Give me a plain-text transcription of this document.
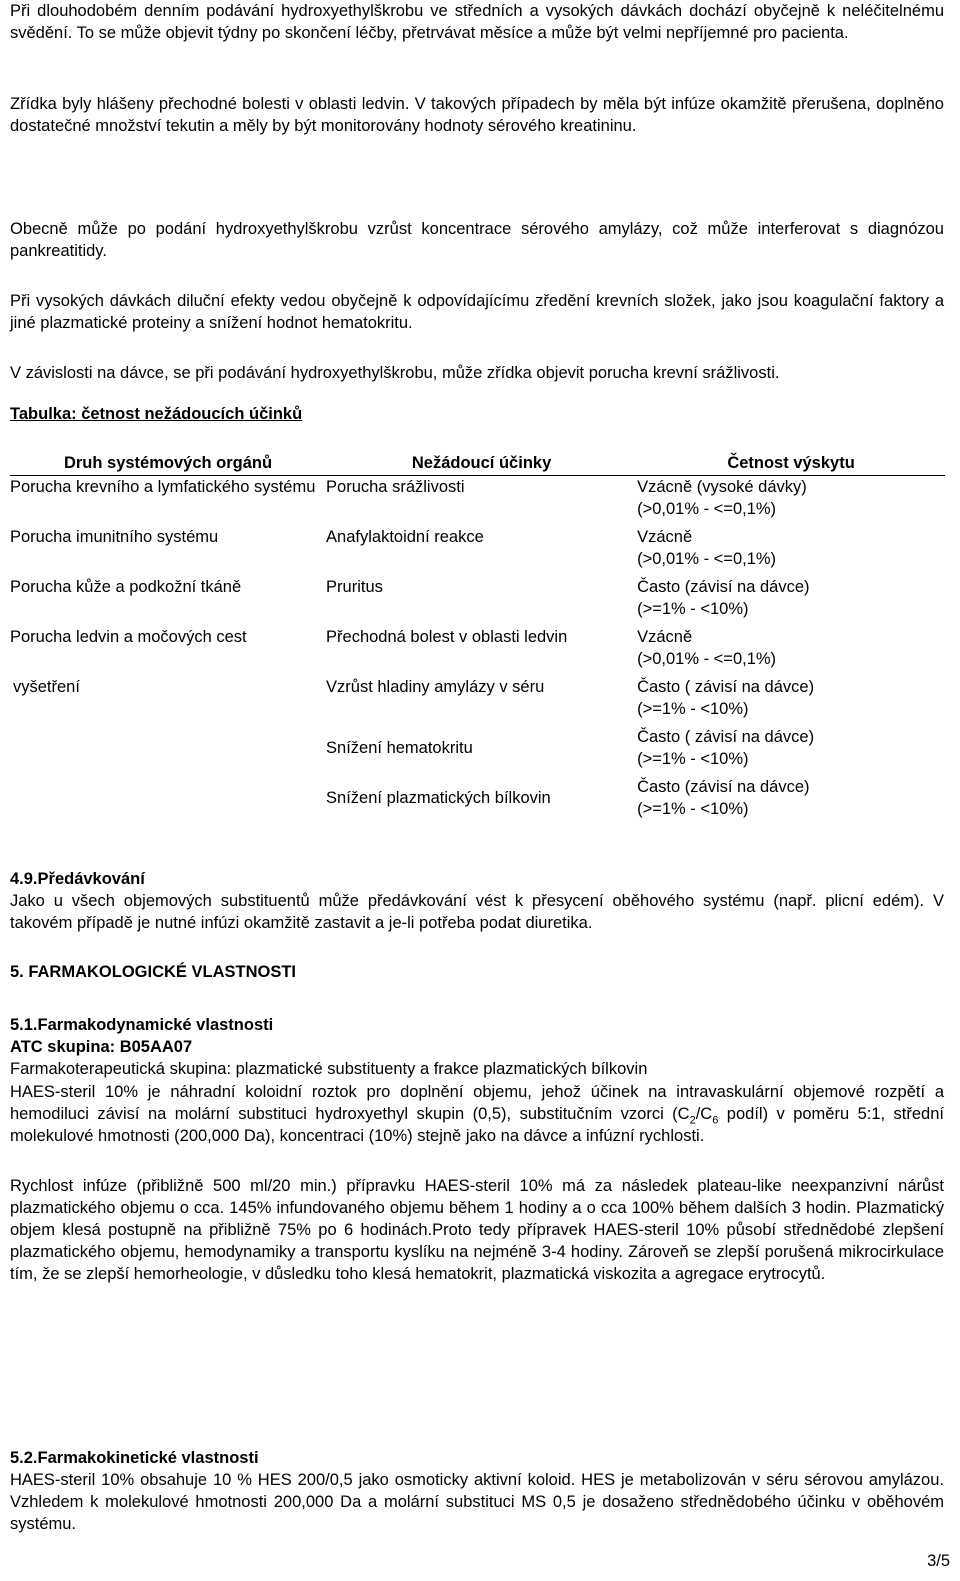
Při dlouhodobém denním podávání hydroxyethylškrobu ve středních a vysokých dávkách dochází obyčejně k neléčitelnému svědění. To se může objevit týdny po skončení léčby, přetrvávat měsíce a může být velmi nepříjemné pro pacienta.

Zřídka byly hlášeny přechodné bolesti v oblasti ledvin. V takových případech by měla být infúze okamžitě přerušena, doplněno dostatečné množství tekutin a měly by být monitorovány hodnoty sérového kreatininu.

Obecně může po podání hydroxyethylškrobu vzrůst koncentrace sérového amylázy, což může interferovat s diagnózou pankreatitidy.

Při vysokých dávkách diluční efekty vedou obyčejně k odpovídajícímu zředění krevních složek, jako jsou koagulační faktory a jiné plazmatické proteiny a snížení hodnot hematokritu.

V závislosti na dávce, se při podávání hydroxyethylškrobu, může zřídka objevit porucha krevní srážlivosti.

Tabulka: četnost nežádoucích účinků

Druh systémových orgánů	Nežádoucí účinky	Četnost výskytu
Porucha krevního a lymfatického systému	Porucha srážlivosti	Vzácně (vysoké dávky)
(>0,01% - <=0,1%)

Porucha imunitního systému	Anafylaktoidní reakce	Vzácně
(>0,01% - <=0,1%)

Porucha kůže a podkožní tkáně	Pruritus	Často (závisí na dávce)
(>=1% - <10%)

Porucha ledvin a močových cest	Přechodná bolest v oblasti ledvin	Vzácně
(>0,01% - <=0,1%)

vyšetření	Vzrůst hladiny amylázy v séru	Často ( závisí na dávce)
(>=1% - <10%)

	Snížení hematokritu	Často ( závisí na dávce)
(>=1% - <10%)

	Snížení plazmatických bílkovin	Často (závisí na dávce)
(>=1% - <10%)

4.9.Předávkování

Jako u všech objemových substituentů může předávkování vést k přesycení oběhového systému (např. plicní edém). V takovém případě je nutné infúzi okamžitě zastavit a je-li potřeba podat diuretika.

5. FARMAKOLOGICKÉ VLASTNOSTI

5.1.Farmakodynamické vlastnosti

ATC skupina: B05AA07

Farmakoterapeutická skupina: plazmatické substituenty a frakce plazmatických bílkovin

HAES-steril 10% je náhradní koloidní roztok pro doplnění objemu, jehož účinek na intravaskulární objemové rozpětí a hemodiluci závisí na molární substituci hydroxyethyl skupin (0,5), substitučním vzorci ($C_2/C_6$ podíl) v poměru 5:1, střední molekulové hmotnosti (200,000 Da), koncentraci (10%) stejně jako na dávce a infúzní rychlosti.

Rychlost infúze (přibližně 500 ml/20 min.) přípravku HAES-steril 10% má za následek plateau-like neexpanzivní nárůst plazmatického objemu o cca. 145% infundovaného objemu během 1 hodiny a o cca 100% během dalších 3 hodin. Plazmatický objem klesá postupně na přibližně 75% po 6 hodinách.Proto tedy přípravek HAES-steril 10% působí střednědobé zlepšení plazmatického objemu, hemodynamiky a transportu kyslíku na nejméně 3-4 hodiny. Zároveň se zlepší porušená mikrocirkulace tím, že se zlepší hemorheologie, v důsledku toho klesá hematokrit, plazmatická viskozita a agregace erytrocytů.

5.2.Farmakokinetické vlastnosti

HAES-steril 10% obsahuje 10 % HES 200/0,5 jako osmoticky aktivní koloid. HES je metabolizován v séru sérovou amylázou. Vzhledem k molekulové hmotnosti 200,000 Da a molární substituci MS 0,5 je dosaženo střednědobého účinku v oběhovém systému.

3/5
